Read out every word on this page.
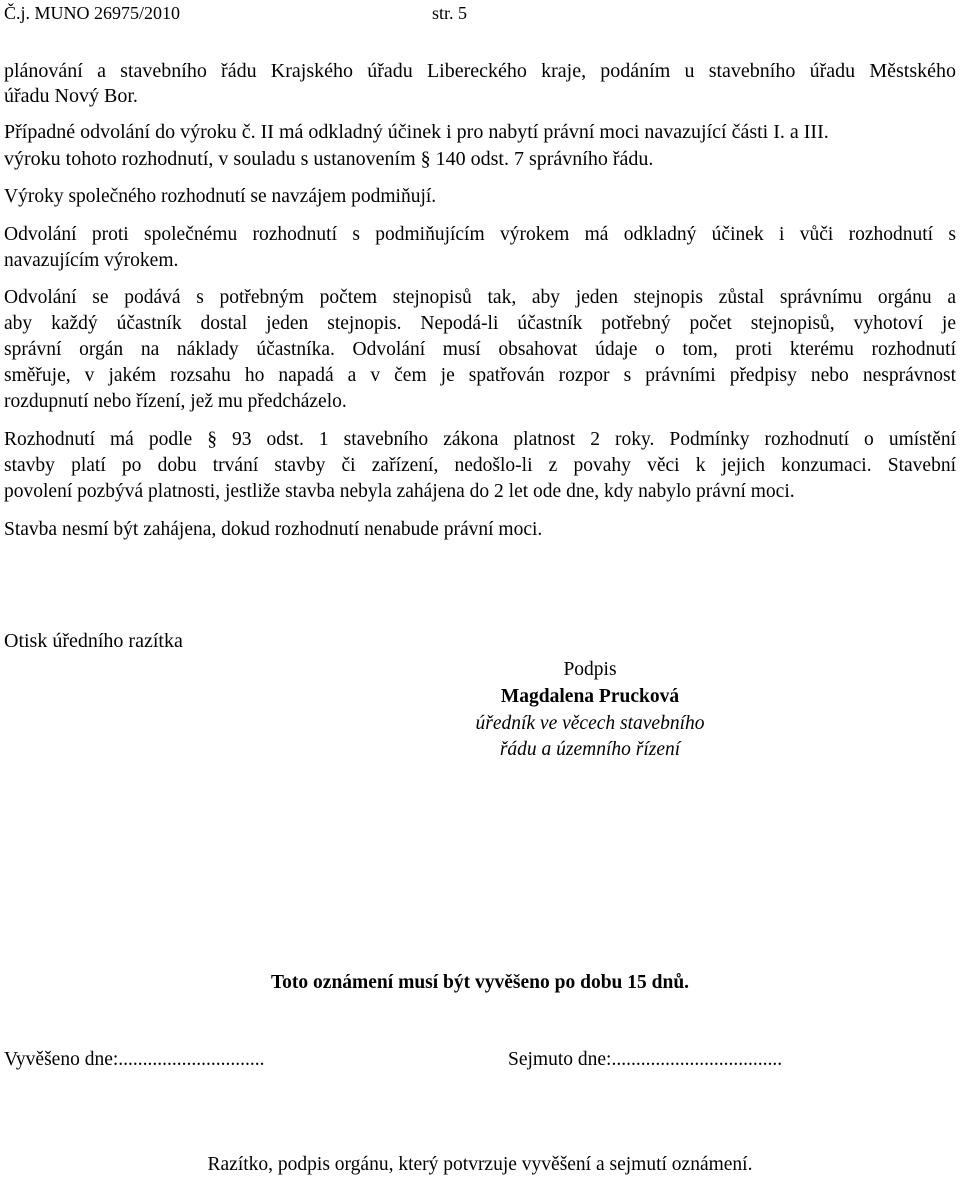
Č.j. MUNO 26975/2010	str. 5
plánování a stavebního řádu Krajského úřadu Libereckého kraje, podáním u stavebního úřadu Městského
úřadu Nový Bor.
Případné odvolání do výroku č. II má odkladný účinek i pro nabytí právní moci navazující části I. a III.
výroku tohoto rozhodnutí, v souladu s ustanovením § 140 odst. 7 správního řádu.
Výroky společného rozhodnutí se navzájem podmiňují.
Odvolání proti společnému rozhodnutí s podmiňujícím výrokem má odkladný účinek i vůči rozhodnutí s
navazujícím výrokem.
Odvolání se podává s potřebným počtem stejnopisů tak, aby jeden stejnopis zůstal správnímu orgánu a
aby každý účastník dostal jeden stejnopis. Nepodá-li účastník potřebný počet stejnopisů, vyhotoví je
správní orgán na náklady účastníka. Odvolání musí obsahovat údaje o tom, proti kterému rozhodnutí
směřuje, v jakém rozsahu ho napadá a v čem je spatřován rozpor s právními předpisy nebo nesprávnost
rozdupnutí nebo řízení, jež mu předcházelo.
Rozhodnutí má podle § 93 odst. 1 stavebního zákona platnost 2 roky. Podmínky rozhodnutí o umístění
stavby platí po dobu trvání stavby či zařízení, nedošlo-li z povahy věci k jejich konzumaci. Stavební
povolení pozbývá platnosti, jestliže stavba nebyla zahájena do 2 let ode dne, kdy nabylo právní moci.
Stavba nesmí být zahájena, dokud rozhodnutí nenabude právní moci.
Otisk úředního razítka
Podpis
Magdalena Prucková
úředník ve věcech stavebního
řádu a územního řízení
Toto oznámení musí být vyvěšeno po dobu 15 dnů.
Vyvěšeno dne:..............................	Sejmuto dne:...................................
Razítko, podpis orgánu, který potvrzuje vyvěšení a sejmutí oznámení.
